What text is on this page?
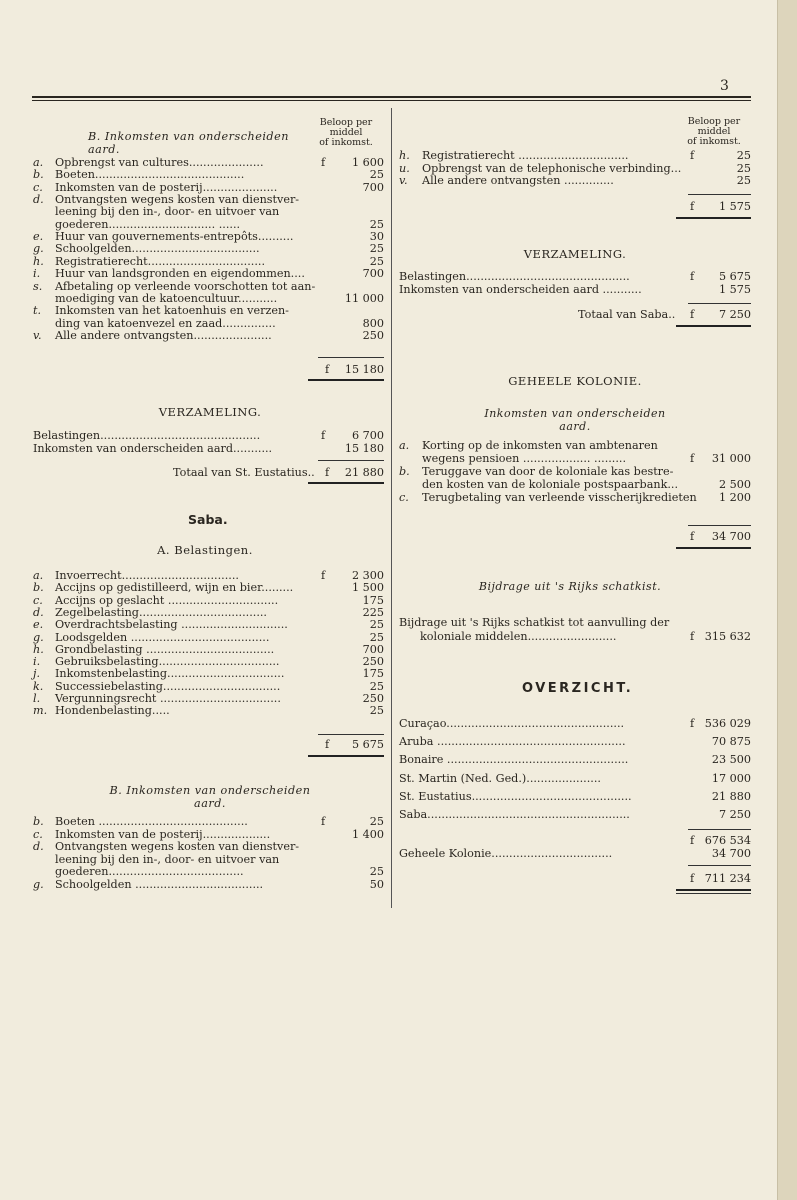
3
Beloop per
middel
of inkomst.
B. Inkomsten van onderscheiden aard.
a. Opbrengst van cultures.....................	f	1 600
b. Boeten..........................................	25
c. Inkomsten van de posterij.....................	700
d. Ontvangsten wegens kosten van dienstver-
leening bij den in-, door- en uitvoer van
goederen.............................. ......	25
e. Huur van gouvernements-entrepôts..........	30
g. Schoolgelden....................................	25
h. Registratierecht.................................	25
i. Huur van landsgronden en eigendommen....	700
s. Afbetaling op verleende voorschotten tot aan-
moediging van de katoencultuur...........	11 000
t. Inkomsten van het katoenhuis en verzen-
ding van katoenvezel en zaad...............	800
v. Alle andere ontvangsten......................	250
f	15 180
VERZAMELING.
Belastingen.............................................	f	6 700
Inkomsten van onderscheiden aard...........	15 180
Totaal van St. Eustatius.. f	21 880
Saba.
A. Belastingen.
a. Invoerrecht.................................	f	2 300
b. Accijns op gedistilleerd, wijn en bier.........	1 500
c. Accijns op geslacht ...............................	175
d. Zegelbelasting....................................	225
e. Overdrachtsbelasting ..............................	25
g. Loodsgelden .......................................	25
h. Grondbelasting ....................................	700
i. Gebruiksbelasting..................................	250
j. Inkomstenbelasting.................................	175
k. Successiebelasting.................................	25
l. Vergunningsrecht ..................................	250
m. Hondenbelasting.....	25
f	5 675
B. Inkomsten van onderscheiden aard.
b. Boeten ..........................................	f	25
c. Inkomsten van de posterij...................	1 400
d. Ontvangsten wegens kosten van dienstver-
leening bij den in-, door- en uitvoer van
goederen......................................	25
g. Schoolgelden ....................................	50
Beloop per
middel
of inkomst.
h. Registratierecht ...............................	f	25
u. Opbrengst van de telephonische verbinding...	25
v. Alle andere ontvangsten ..............	25
f	1 575
VERZAMELING.
Belastingen..............................................	f	5 675
Inkomsten van onderscheiden aard ...........	1 575
Totaal van Saba.. f	7 250
GEHEELE KOLONIE.
Inkomsten van onderscheiden aard.
a. Korting op de inkomsten van ambtenaren
wegens pensioen ................... .........	f	31 000
b. Teruggave van door de koloniale kas bestre-
den kosten van de koloniale postspaarbank...	2 500
c. Terugbetaling van verleende visscherijkredieten	1 200
f	34 700
Bijdrage uit 's Rijks schatkist.
Bijdrage uit 's Rijks schatkist tot aanvulling der
koloniale middelen.........................	f 315 632
OVERZICHT.
Curaçao..................................................	f 536 029
Aruba .....................................................	70 875
Bonaire ...................................................	23 500
St. Martin (Ned. Ged.).....................	17 000
St. Eustatius.............................................	21 880
Saba.........................................................	7 250
f 676 534
Geheele Kolonie..................................	34 700
f 711 234
